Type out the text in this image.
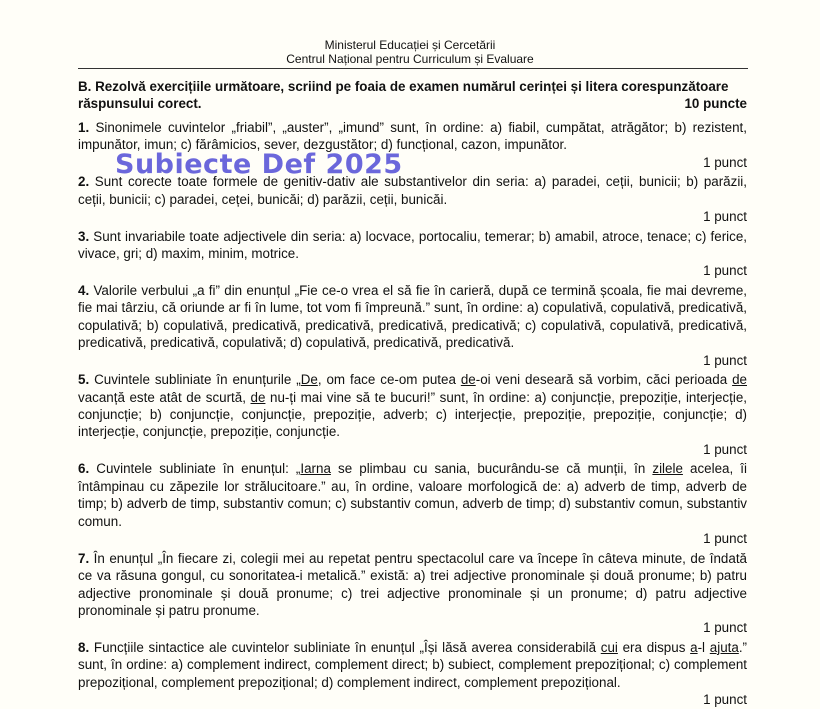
Ministerul Educației și Cercetării
Centrul Național pentru Curriculum și Evaluare
B. Rezolvă exercițiile următoare, scriind pe foaia de examen numărul cerinței și litera corespunzătoare răspunsului corect.	10 puncte
1. Sinonimele cuvintelor „friabil”, „auster”, „imund” sunt, în ordine: a) fiabil, cumpătat, atrăgător; b) rezistent, impunător, imun; c) fărâmicios, sever, dezgustător; d) funcțional, cazon, impunător.
1 punct
2. Sunt corecte toate formele de genitiv-dativ ale substantivelor din seria: a) paradei, ceții, bunicii; b) parăzii, ceții, bunicii; c) paradei, ceței, bunicăi; d) parăzii, ceții, bunicăi.
1 punct
3. Sunt invariabile toate adjectivele din seria: a) locvace, portocaliu, temerar; b) amabil, atroce, tenace; c) ferice, vivace, gri; d) maxim, minim, motrice.
1 punct
4. Valorile verbului „a fi” din enunțul „Fie ce-o vrea el să fie în carieră, după ce termină școala, fie mai devreme, fie mai târziu, că oriunde ar fi în lume, tot vom fi împreună.” sunt, în ordine: a) copulativă, copulativă, predicativă, copulativă; b) copulativă, predicativă, predicativă, predicativă, predicativă; c) copulativă, copulativă, predicativă, predicativă, predicativă, copulativă; d) copulativă, predicativă, predicativă.
1 punct
5. Cuvintele subliniate în enunțurile „De, om face ce-om putea de-oi veni deseară să vorbim, căci perioada de vacanță este atât de scurtă, de nu-ți mai vine să te bucuri!” sunt, în ordine: a) conjuncție, prepoziție, interjecție, conjuncție; b) conjuncție, conjuncție, prepoziție, adverb; c) interjecție, prepoziție, prepoziție, conjuncție; d) interjecție, conjuncție, prepoziție, conjuncție.
1 punct
6. Cuvintele subliniate în enunțul: „Iarna se plimbau cu sania, bucurându-se că munții, în zilele acelea, îi întâmpinau cu zăpezile lor strălucitoare.” au, în ordine, valoare morfologică de: a) adverb de timp, adverb de timp; b) adverb de timp, substantiv comun; c) substantiv comun, adverb de timp; d) substantiv comun, substantiv comun.
1 punct
7. În enunțul „În fiecare zi, colegii mei au repetat pentru spectacolul care va începe în câteva minute, de îndată ce va răsuna gongul, cu sonoritatea-i metalică.” există: a) trei adjective pronominale și două pronume; b) patru adjective pronominale și două pronume; c) trei adjective pronominale și un pronume; d) patru adjective pronominale și patru pronume.
1 punct
8. Funcțiile sintactice ale cuvintelor subliniate în enunțul „Își lăsă averea considerabilă cui era dispus a-l ajuta.” sunt, în ordine: a) complement indirect, complement direct; b) subiect, complement prepozițional; c) complement prepozițional, complement prepozițional; d) complement indirect, complement prepozițional.
1 punct
Subiecte Def 2025
